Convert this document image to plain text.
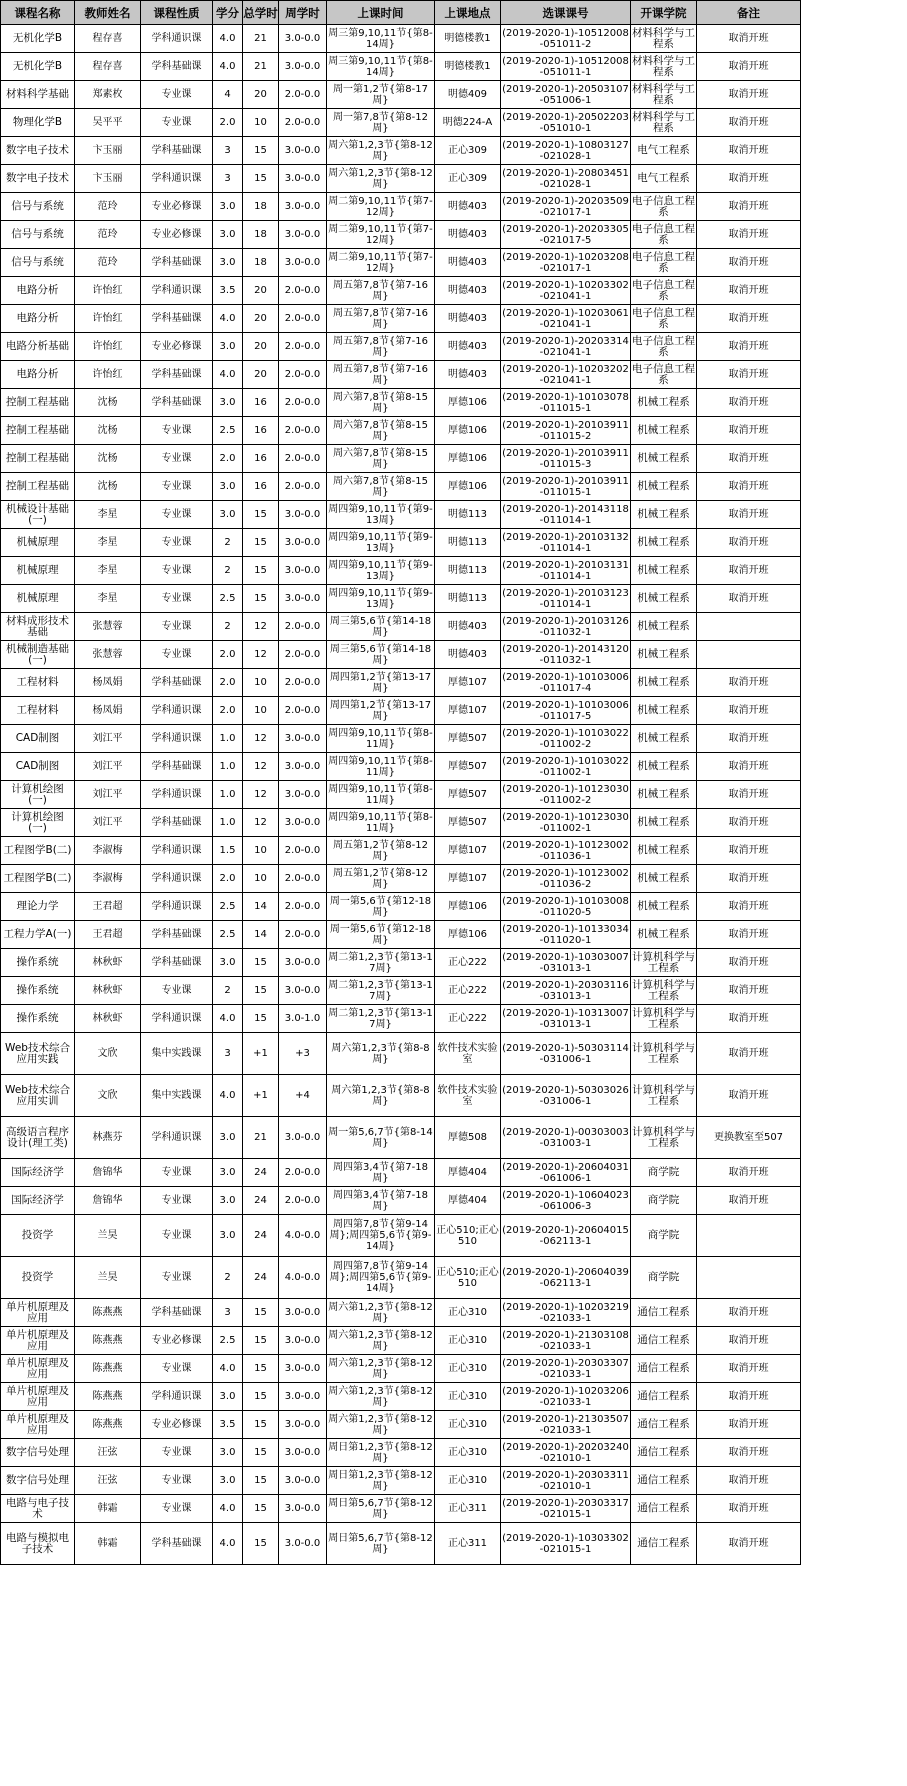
课程名称	教师姓名	课程性质	学分	总学时	周学时	上课时间	上课地点	选课课号	开课学院	备注
无机化学B	程存喜	学科通识课	4.0	21	3.0-0.0	周三第9,10,11节{第8-14周}	明德楼教1	(2019-2020-1)-10512008-051011-2	材料科学与工程系	取消开班
无机化学B	程存喜	学科基础课	4.0	21	3.0-0.0	周三第9,10,11节{第8-14周}	明德楼教1	(2019-2020-1)-10512008-051011-1	材料科学与工程系	取消开班
材料科学基础	郑素枚	专业课	4	20	2.0-0.0	周一第1,2节{第8-17周}	明德409	(2019-2020-1)-20503107-051006-1	材料科学与工程系	取消开班
物理化学B	吴平平	专业课	2.0	10	2.0-0.0	周一第7,8节{第8-12周}	明德224-A	(2019-2020-1)-20502203-051010-1	材料科学与工程系	取消开班
数字电子技术	卞玉丽	学科基础课	3	15	3.0-0.0	周六第1,2,3节{第8-12周}	正心309	(2019-2020-1)-10803127-021028-1	电气工程系	取消开班
数字电子技术	卞玉丽	学科通识课	3	15	3.0-0.0	周六第1,2,3节{第8-12周}	正心309	(2019-2020-1)-20803451-021028-1	电气工程系	取消开班
信号与系统	范玲	专业必修课	3.0	18	3.0-0.0	周二第9,10,11节{第7-12周}	明德403	(2019-2020-1)-20203509-021017-1	电子信息工程系	取消开班
信号与系统	范玲	专业必修课	3.0	18	3.0-0.0	周二第9,10,11节{第7-12周}	明德403	(2019-2020-1)-20203305-021017-5	电子信息工程系	取消开班
信号与系统	范玲	学科基础课	3.0	18	3.0-0.0	周二第9,10,11节{第7-12周}	明德403	(2019-2020-1)-10203208-021017-1	电子信息工程系	取消开班
电路分析	许怡红	学科通识课	3.5	20	2.0-0.0	周五第7,8节{第7-16周}	明德403	(2019-2020-1)-10203302-021041-1	电子信息工程系	取消开班
电路分析	许怡红	学科基础课	4.0	20	2.0-0.0	周五第7,8节{第7-16周}	明德403	(2019-2020-1)-10203061-021041-1	电子信息工程系	取消开班
电路分析基础	许怡红	专业必修课	3.0	20	2.0-0.0	周五第7,8节{第7-16周}	明德403	(2019-2020-1)-20203314-021041-1	电子信息工程系	取消开班
电路分析	许怡红	学科基础课	4.0	20	2.0-0.0	周五第7,8节{第7-16周}	明德403	(2019-2020-1)-10203202-021041-1	电子信息工程系	取消开班
控制工程基础	沈杨	学科基础课	3.0	16	2.0-0.0	周六第7,8节{第8-15周}	厚德106	(2019-2020-1)-10103078-011015-1	机械工程系	取消开班
控制工程基础	沈杨	专业课	2.5	16	2.0-0.0	周六第7,8节{第8-15周}	厚德106	(2019-2020-1)-20103911-011015-2	机械工程系	取消开班
控制工程基础	沈杨	专业课	2.0	16	2.0-0.0	周六第7,8节{第8-15周}	厚德106	(2019-2020-1)-20103911-011015-3	机械工程系	取消开班
控制工程基础	沈杨	专业课	3.0	16	2.0-0.0	周六第7,8节{第8-15周}	厚德106	(2019-2020-1)-20103911-011015-1	机械工程系	取消开班
机械设计基础(一)	李星	专业课	3.0	15	3.0-0.0	周四第9,10,11节{第9-13周}	明德113	(2019-2020-1)-20143118-011014-1	机械工程系	取消开班
机械原理	李星	专业课	2	15	3.0-0.0	周四第9,10,11节{第9-13周}	明德113	(2019-2020-1)-20103132-011014-1	机械工程系	取消开班
机械原理	李星	专业课	2	15	3.0-0.0	周四第9,10,11节{第9-13周}	明德113	(2019-2020-1)-20103131-011014-1	机械工程系	取消开班
机械原理	李星	专业课	2.5	15	3.0-0.0	周四第9,10,11节{第9-13周}	明德113	(2019-2020-1)-20103123-011014-1	机械工程系	取消开班
材料成形技术基础	张慧蓉	专业课	2	12	2.0-0.0	周三第5,6节{第14-18周}	明德403	(2019-2020-1)-20103126-011032-1	机械工程系	
机械制造基础(一)	张慧蓉	专业课	2.0	12	2.0-0.0	周三第5,6节{第14-18周}	明德403	(2019-2020-1)-20143120-011032-1	机械工程系	
工程材料	杨凤娟	学科基础课	2.0	10	2.0-0.0	周四第1,2节{第13-17周}	厚德107	(2019-2020-1)-10103006-011017-4	机械工程系	取消开班
工程材料	杨凤娟	学科通识课	2.0	10	2.0-0.0	周四第1,2节{第13-17周}	厚德107	(2019-2020-1)-10103006-011017-5	机械工程系	取消开班
CAD制图	刘江平	学科通识课	1.0	12	3.0-0.0	周四第9,10,11节{第8-11周}	厚德507	(2019-2020-1)-10103022-011002-2	机械工程系	取消开班
CAD制图	刘江平	学科基础课	1.0	12	3.0-0.0	周四第9,10,11节{第8-11周}	厚德507	(2019-2020-1)-10103022-011002-1	机械工程系	取消开班
计算机绘图(一)	刘江平	学科通识课	1.0	12	3.0-0.0	周四第9,10,11节{第8-11周}	厚德507	(2019-2020-1)-10123030-011002-2	机械工程系	取消开班
计算机绘图(一)	刘江平	学科基础课	1.0	12	3.0-0.0	周四第9,10,11节{第8-11周}	厚德507	(2019-2020-1)-10123030-011002-1	机械工程系	取消开班
工程图学B(二)	李淑梅	学科通识课	1.5	10	2.0-0.0	周五第1,2节{第8-12周}	厚德107	(2019-2020-1)-10123002-011036-1	机械工程系	取消开班
工程图学B(二)	李淑梅	学科通识课	2.0	10	2.0-0.0	周五第1,2节{第8-12周}	厚德107	(2019-2020-1)-10123002-011036-2	机械工程系	取消开班
理论力学	王君超	学科通识课	2.5	14	2.0-0.0	周一第5,6节{第12-18周}	厚德106	(2019-2020-1)-10103008-011020-5	机械工程系	取消开班
工程力学A(一)	王君超	学科基础课	2.5	14	2.0-0.0	周一第5,6节{第12-18周}	厚德106	(2019-2020-1)-10133034-011020-1	机械工程系	取消开班
操作系统	林秋虾	学科基础课	3.0	15	3.0-0.0	周二第1,2,3节{第13-17周}	正心222	(2019-2020-1)-10303007-031013-1	计算机科学与工程系	取消开班
操作系统	林秋虾	专业课	2	15	3.0-0.0	周二第1,2,3节{第13-17周}	正心222	(2019-2020-1)-20303116-031013-1	计算机科学与工程系	取消开班
操作系统	林秋虾	学科通识课	4.0	15	3.0-1.0	周二第1,2,3节{第13-17周}	正心222	(2019-2020-1)-10313007-031013-1	计算机科学与工程系	取消开班
Web技术综合应用实践	文欣	集中实践课	3	+1	+3	周六第1,2,3节{第8-8周}	软件技术实验室	(2019-2020-1)-50303114-031006-1	计算机科学与工程系	取消开班
Web技术综合应用实训	文欣	集中实践课	4.0	+1	+4	周六第1,2,3节{第8-8周}	软件技术实验室	(2019-2020-1)-50303026-031006-1	计算机科学与工程系	取消开班
高级语言程序设计(理工类)	林燕芬	学科通识课	3.0	21	3.0-0.0	周一第5,6,7节{第8-14周}	厚德508	(2019-2020-1)-00303003-031003-1	计算机科学与工程系	更换教室至507
国际经济学	詹锦华	专业课	3.0	24	2.0-0.0	周四第3,4节{第7-18周}	厚德404	(2019-2020-1)-20604031-061006-1	商学院	取消开班
国际经济学	詹锦华	专业课	3.0	24	2.0-0.0	周四第3,4节{第7-18周}	厚德404	(2019-2020-1)-10604023-061006-3	商学院	取消开班
投资学	兰昊	专业课	3.0	24	4.0-0.0	周四第7,8节{第9-14周};周四第5,6节{第9-14周}	正心510;正心510	(2019-2020-1)-20604015-062113-1	商学院	
投资学	兰昊	专业课	2	24	4.0-0.0	周四第7,8节{第9-14周};周四第5,6节{第9-14周}	正心510;正心510	(2019-2020-1)-20604039-062113-1	商学院	
单片机原理及应用	陈燕燕	学科基础课	3	15	3.0-0.0	周六第1,2,3节{第8-12周}	正心310	(2019-2020-1)-10203219-021033-1	通信工程系	取消开班
单片机原理及应用	陈燕燕	专业必修课	2.5	15	3.0-0.0	周六第1,2,3节{第8-12周}	正心310	(2019-2020-1)-21303108-021033-1	通信工程系	取消开班
单片机原理及应用	陈燕燕	专业课	4.0	15	3.0-0.0	周六第1,2,3节{第8-12周}	正心310	(2019-2020-1)-20303307-021033-1	通信工程系	取消开班
单片机原理及应用	陈燕燕	学科通识课	3.0	15	3.0-0.0	周六第1,2,3节{第8-12周}	正心310	(2019-2020-1)-10203206-021033-1	通信工程系	取消开班
单片机原理及应用	陈燕燕	专业必修课	3.5	15	3.0-0.0	周六第1,2,3节{第8-12周}	正心310	(2019-2020-1)-21303507-021033-1	通信工程系	取消开班
数字信号处理	汪弦	专业课	3.0	15	3.0-0.0	周日第1,2,3节{第8-12周}	正心310	(2019-2020-1)-20203240-021010-1	通信工程系	取消开班
数字信号处理	汪弦	专业课	3.0	15	3.0-0.0	周日第1,2,3节{第8-12周}	正心310	(2019-2020-1)-20303311-021010-1	通信工程系	取消开班
电路与电子技术	韩霜	专业课	4.0	15	3.0-0.0	周日第5,6,7节{第8-12周}	正心311	(2019-2020-1)-20303317-021015-1	通信工程系	取消开班
电路与模拟电子技术	韩霜	学科基础课	4.0	15	3.0-0.0	周日第5,6,7节{第8-12周}	正心311	(2019-2020-1)-10303302-021015-1	通信工程系	取消开班
